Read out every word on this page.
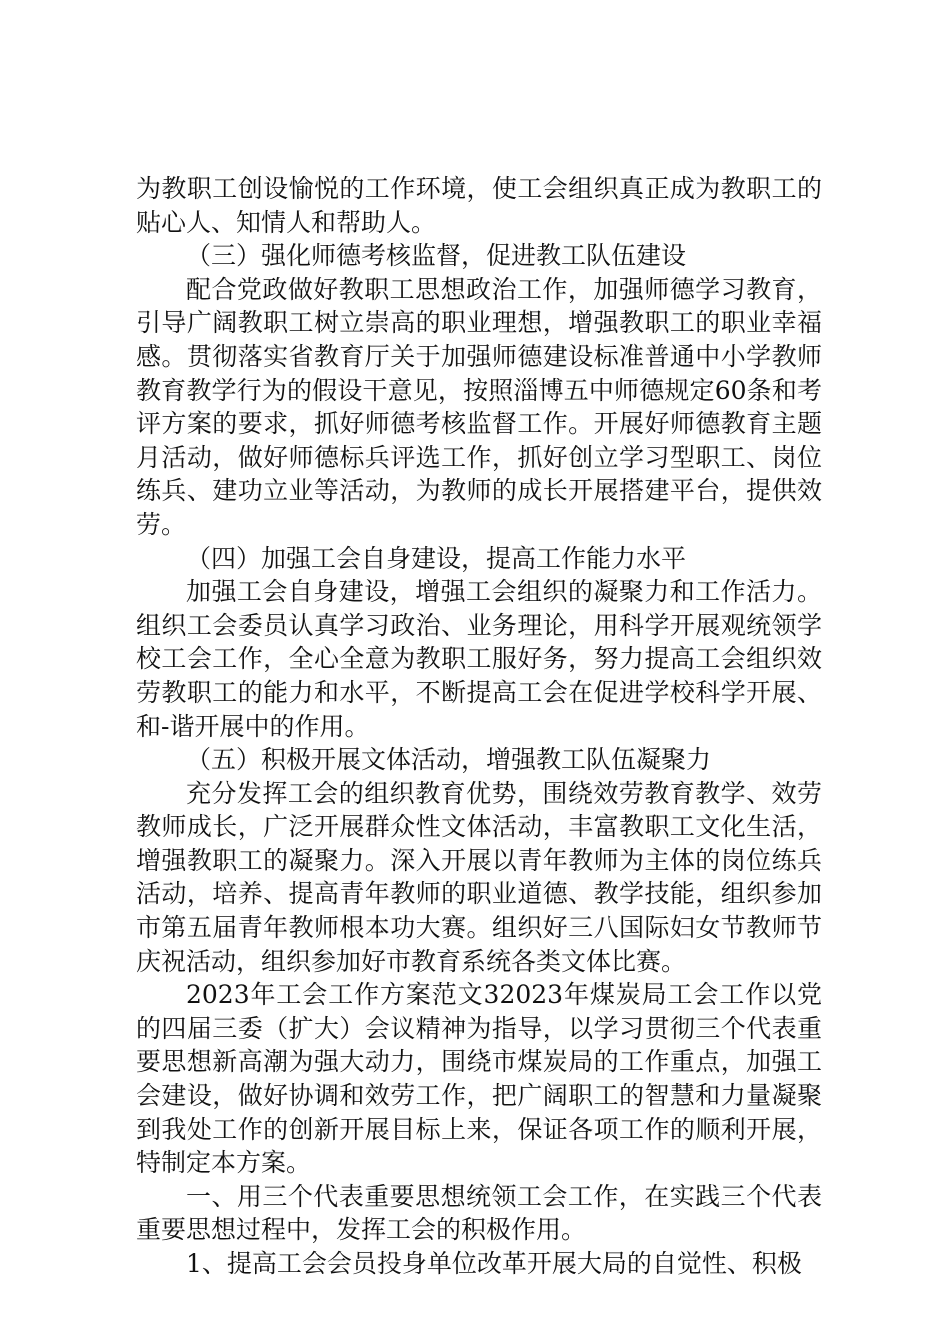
为教职工创设愉悦的工作环境，使工会组织真正成为教职工的贴心人、知情人和帮助人。

（三）强化师德考核监督，促进教工队伍建设

配合党政做好教职工思想政治工作，加强师德学习教育，引导广阔教职工树立崇高的职业理想，增强教职工的职业幸福感。贯彻落实省教育厅关于加强师德建设标准普通中小学教师教育教学行为的假设干意见，按照淄博五中师德规定60条和考评方案的要求，抓好师德考核监督工作。开展好师德教育主题月活动，做好师德标兵评选工作，抓好创立学习型职工、岗位练兵、建功立业等活动，为教师的成长开展搭建平台，提供效劳。

（四）加强工会自身建设，提高工作能力水平

加强工会自身建设，增强工会组织的凝聚力和工作活力。组织工会委员认真学习政治、业务理论，用科学开展观统领学校工会工作，全心全意为教职工服好务，努力提高工会组织效劳教职工的能力和水平，不断提高工会在促进学校科学开展、和-谐开展中的作用。

（五）积极开展文体活动，增强教工队伍凝聚力

充分发挥工会的组织教育优势，围绕效劳教育教学、效劳教师成长，广泛开展群众性文体活动，丰富教职工文化生活，增强教职工的凝聚力。深入开展以青年教师为主体的岗位练兵活动，培养、提高青年教师的职业道德、教学技能，组织参加市第五届青年教师根本功大赛。组织好三八国际妇女节教师节庆祝活动，组织参加好市教育系统各类文体比赛。

2023年工会工作方案范文32023年煤炭局工会工作以党的四届三委（扩大）会议精神为指导，以学习贯彻三个代表重要思想新高潮为强大动力，围绕市煤炭局的工作重点，加强工会建设，做好协调和效劳工作，把广阔职工的智慧和力量凝聚到我处工作的创新开展目标上来，保证各项工作的顺利开展，特制定本方案。

一、用三个代表重要思想统领工会工作，在实践三个代表重要思想过程中，发挥工会的积极作用。

1、提高工会会员投身单位改革开展大局的自觉性、积极
